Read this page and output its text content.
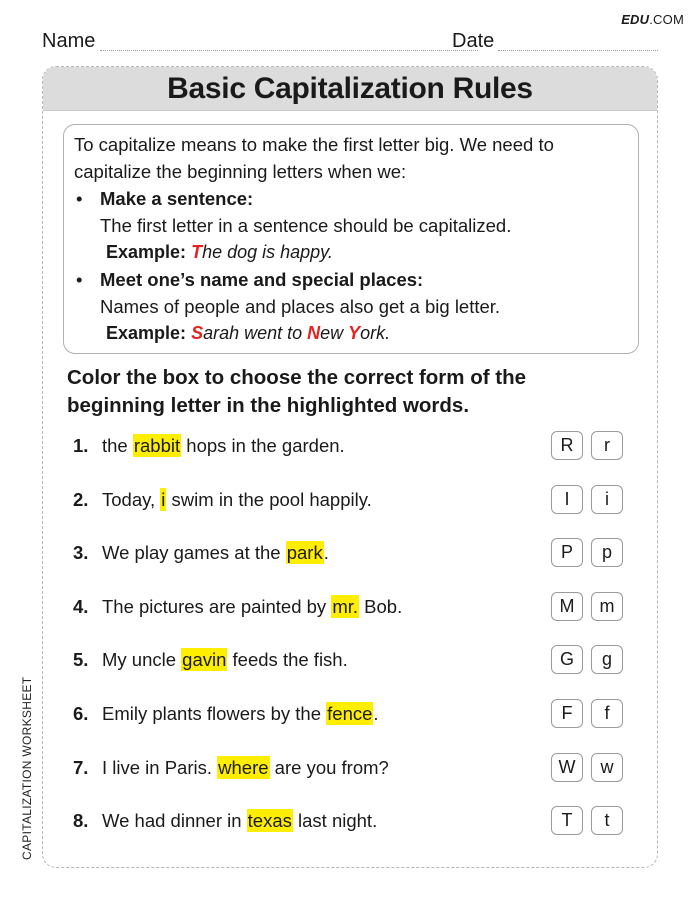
EDU.COM
Name	Date
Basic Capitalization Rules
To capitalize means to make the first letter big. We need to
capitalize the beginning letters when we:
• Make a sentence:
The first letter in a sentence should be capitalized.
Example: The dog is happy.
• Meet one’s name and special places:
Names of people and places also get a big letter.
Example: Sarah went to New York.
Color the box to choose the correct form of the beginning letter in the highlighted words.
1. the rabbit hops in the garden.	R	r
2. Today, i swim in the pool happily.	I	i
3. We play games at the park.	P	p
4. The pictures are painted by mr. Bob.	M	m
5. My uncle gavin feeds the fish.	G	g
6. Emily plants flowers by the fence.	F	f
7. I live in Paris. where are you from?	W	w
8. We had dinner in texas last night.	T	t
CAPITALIZATION WORKSHEET
